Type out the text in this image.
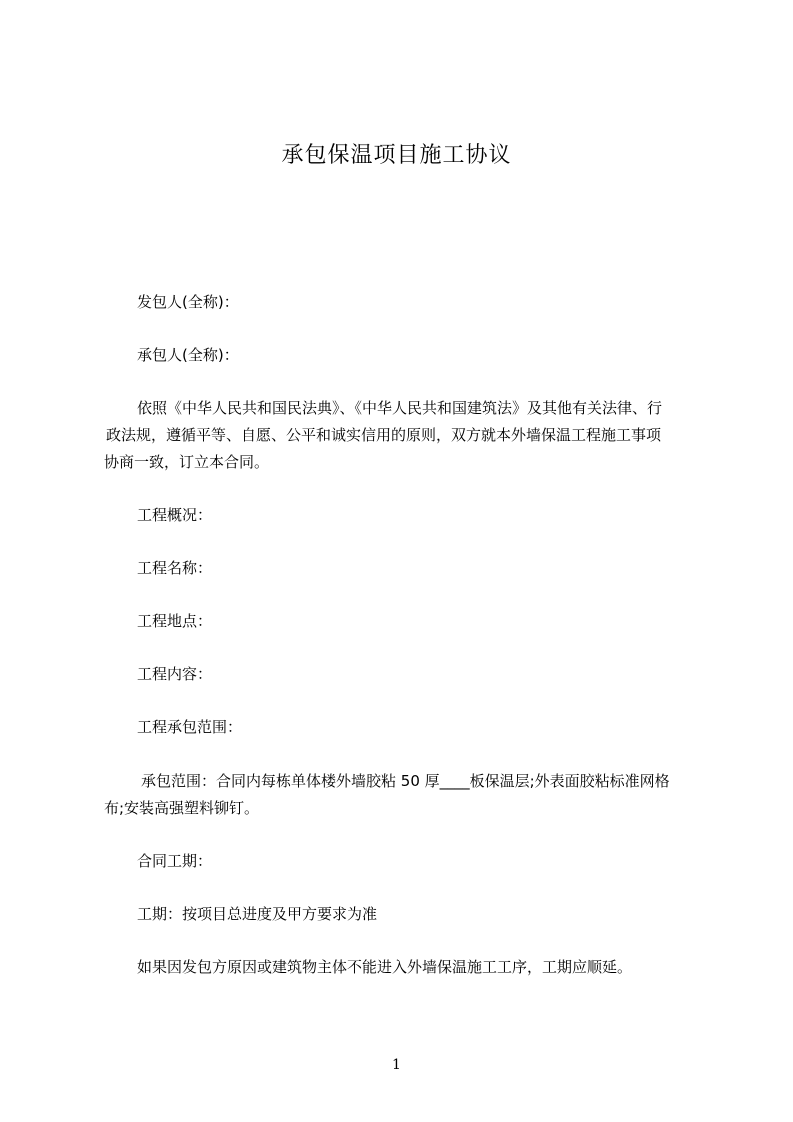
承包保温项目施工协议
发包人(全称)：
承包人(全称)：
依照《中华人民共和国民法典》、《中华人民共和国建筑法》及其他有关法律、行
政法规，遵循平等、自愿、公平和诚实信用的原则，双方就本外墙保温工程施工事项
协商一致，订立本合同。
工程概况：
工程名称：
工程地点：
工程内容：
工程承包范围：
承包范围：合同内每栋单体楼外墙胶粘 50 厚____板保温层;外表面胶粘标准网格
布;安装高强塑料铆钉。
合同工期：
工期：按项目总进度及甲方要求为准
如果因发包方原因或建筑物主体不能进入外墙保温施工工序，工期应顺延。
1
